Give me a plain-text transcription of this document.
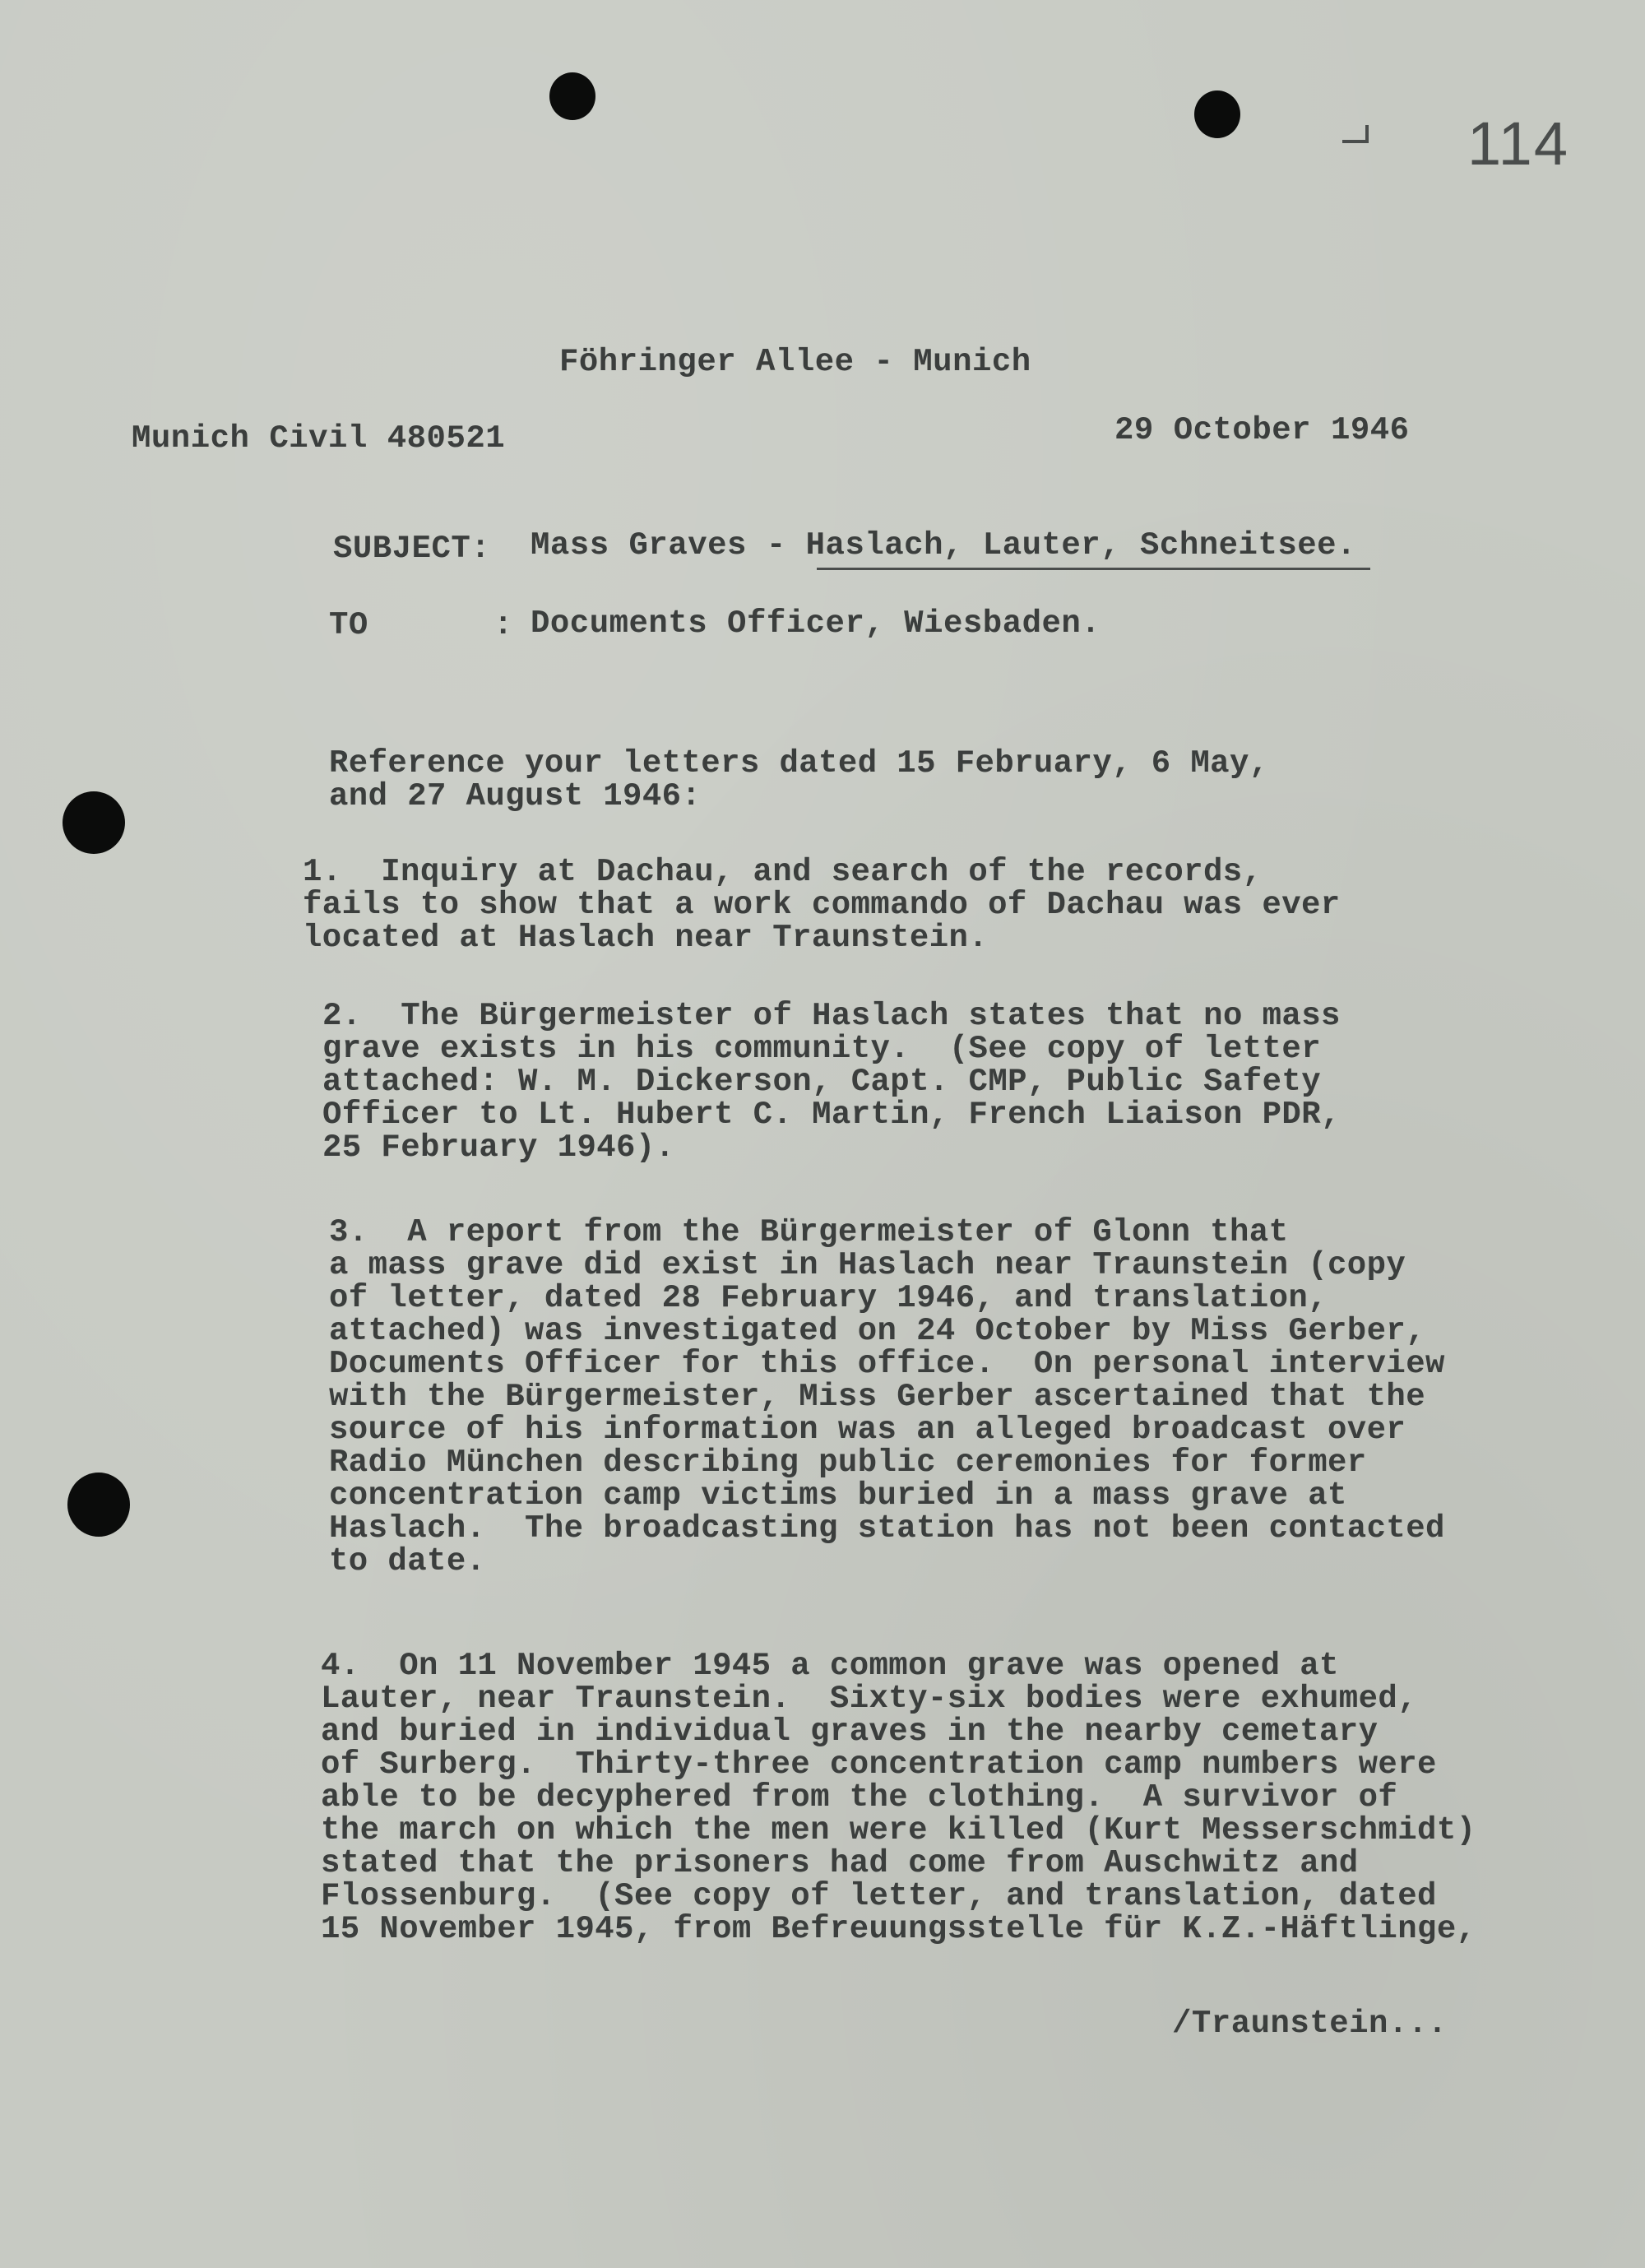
114
Föhringer Allee - Munich
Munich Civil 480521	29 October 1946
SUBJECT: Mass Graves - Haslach, Lauter, Schneitsee.
TO	: Documents Officer, Wiesbaden.
Reference your letters dated 15 February, 6 May,
and 27 August 1946:
1.  Inquiry at Dachau, and search of the records,
fails to show that a work commando of Dachau was ever
located at Haslach near Traunstein.
2.  The Bürgermeister of Haslach states that no mass
grave exists in his community.  (See copy of letter
attached: W. M. Dickerson, Capt. CMP, Public Safety
Officer to Lt. Hubert C. Martin, French Liaison PDR,
25 February 1946).
3.  A report from the Bürgermeister of Glonn that
a mass grave did exist in Haslach near Traunstein (copy
of letter, dated 28 February 1946, and translation,
attached) was investigated on 24 October by Miss Gerber,
Documents Officer for this office.  On personal interview
with the Bürgermeister, Miss Gerber ascertained that the
source of his information was an alleged broadcast over
Radio München describing public ceremonies for former
concentration camp victims buried in a mass grave at
Haslach.  The broadcasting station has not been contacted
to date.
4.  On 11 November 1945 a common grave was opened at
Lauter, near Traunstein.  Sixty-six bodies were exhumed,
and buried in individual graves in the nearby cemetary
of Surberg.  Thirty-three concentration camp numbers were
able to be decyphered from the clothing.  A survivor of
the march on which the men were killed (Kurt Messerschmidt)
stated that the prisoners had come from Auschwitz and
Flossenburg.  (See copy of letter, and translation, dated
15 November 1945, from Befreuungsstelle für K.Z.-Häftlinge,
/Traunstein...
